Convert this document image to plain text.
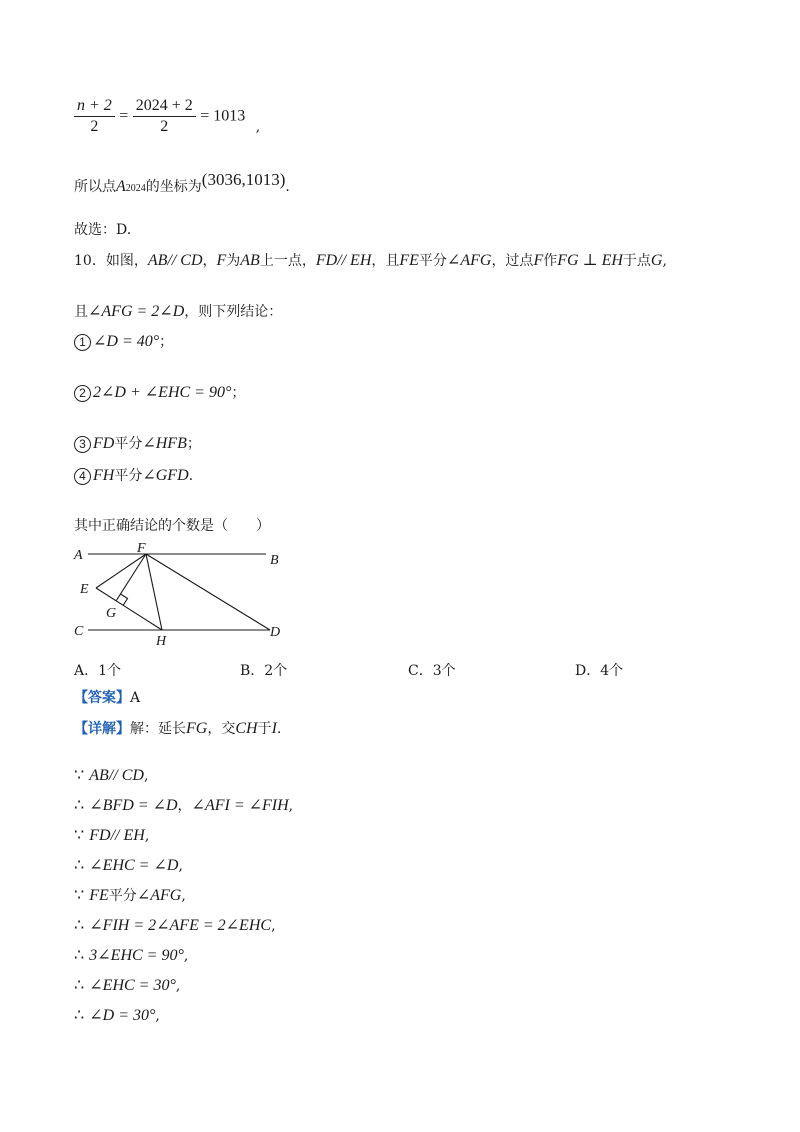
$\frac{n + 2}{2} = \frac{2024 + 2}{2} = 1013$ ,
所以点A2024的坐标为(3036,1013).
故选：D.
10．如图，AB// CD，F为AB上一点，FD// EH，且FE平分∠AFG，过点F作FG ⊥ EH于点G,
且∠AFG = 2∠D，则下列结论：
1 ∠D = 40°；
2 2∠D + ∠EHC = 90°；
3 FD平分∠HFB；
4 FH平分∠GFD.
其中正确结论的个数是（　　）
A	F
B
E
G
C
H
D
A．1个	B．2个	C．3个	D．4个
【答案】A
【详解】解：延长FG，交CH于I.
∵ AB// CD,
∴ ∠BFD = ∠D，∠AFI = ∠FIH,
∵ FD// EH,
∴ ∠EHC = ∠D,
∵ FE平分∠AFG,
∴ ∠FIH = 2∠AFE = 2∠EHC,
∴ 3∠EHC = 90°,
∴ ∠EHC = 30°,
∴ ∠D = 30°,
